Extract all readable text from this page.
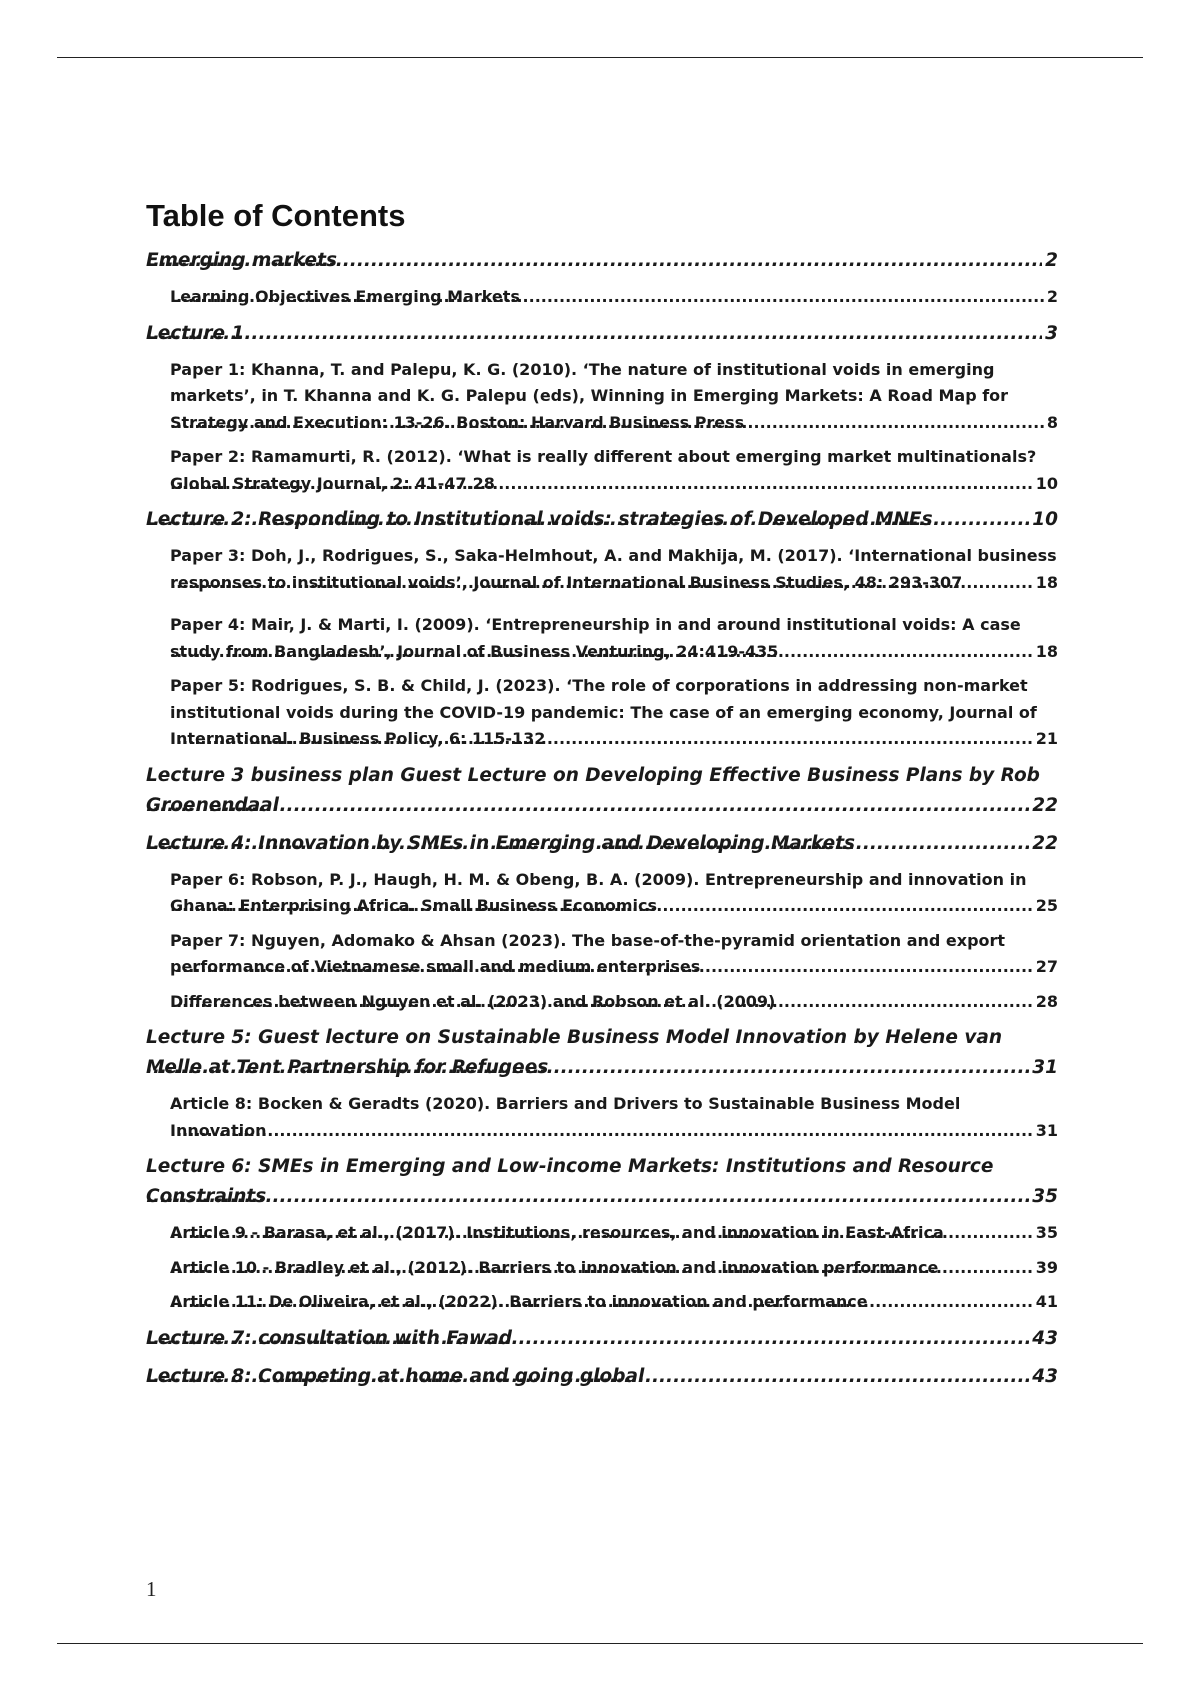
Table of Contents
Emerging markets .....	2
Learning Objectives Emerging Markets .....	2
Lecture 1 .....	3
Paper 1: Khanna, T. and Palepu, K. G. (2010). ‘The nature of institutional voids in emerging markets’, in T. Khanna and K. G. Palepu (eds), Winning in Emerging Markets: A Road Map for Strategy and Execution: 13-26. Boston: Harvard Business Press .....	8
Paper 2: Ramamurti, R. (2012). ‘What is really different about emerging market multinationals? Global Strategy Journal, 2: 41-47.28 .....	10
Lecture 2: Responding to Institutional voids: strategies of Developed MNEs .....	10
Paper 3: Doh, J., Rodrigues, S., Saka-Helmhout, A. and Makhija, M. (2017). ‘International business responses to institutional voids’, Journal of International Business Studies, 48: 293-307 .....	18
Paper 4: Mair, J. & Marti, I. (2009). ‘Entrepreneurship in and around institutional voids: A case study from Bangladesh’, Journal of Business Venturing, 24:419-435 .....	18
Paper 5: Rodrigues, S. B. & Child, J. (2023). ‘The role of corporations in addressing non-market institutional voids during the COVID-19 pandemic: The case of an emerging economy, Journal of International. Business Policy, 6: 115-132 .....	21
Lecture 3 business plan Guest Lecture on Developing Effective Business Plans by Rob Groenendaal .....	22
Lecture 4: Innovation by SMEs in Emerging and Developing Markets .....	22
Paper 6: Robson, P. J., Haugh, H. M. & Obeng, B. A. (2009). Entrepreneurship and innovation in Ghana: Enterprising Africa. Small Business Economics .....	25
Paper 7: Nguyen, Adomako & Ahsan (2023). The base-of-the-pyramid orientation and export performance of Vietnamese small and medium enterprises .....	27
Differences between Nguyen et al. (2023) and Robson et al. (2009) .....	28
Lecture 5: Guest lecture on Sustainable Business Model Innovation by Helene van Melle at Tent Partnership for Refugees .....	31
Article 8: Bocken & Geradts (2020). Barriers and Drivers to Sustainable Business Model Innovation .....	31
Lecture 6: SMEs in Emerging and Low-income Markets: Institutions and Resource Constraints .....	35
Article 9 - Barasa, et al., (2017). Institutions, resources, and innovation in East-Africa .....	35
Article 10 - Bradley et al., (2012). Barriers to innovation and innovation performance .....	39
Article 11: De Oliveira, et al., (2022). Barriers to innovation and performance .....	41
Lecture 7: consultation with Fawad .....	43
Lecture 8: Competing at home and going global .....	43
1
